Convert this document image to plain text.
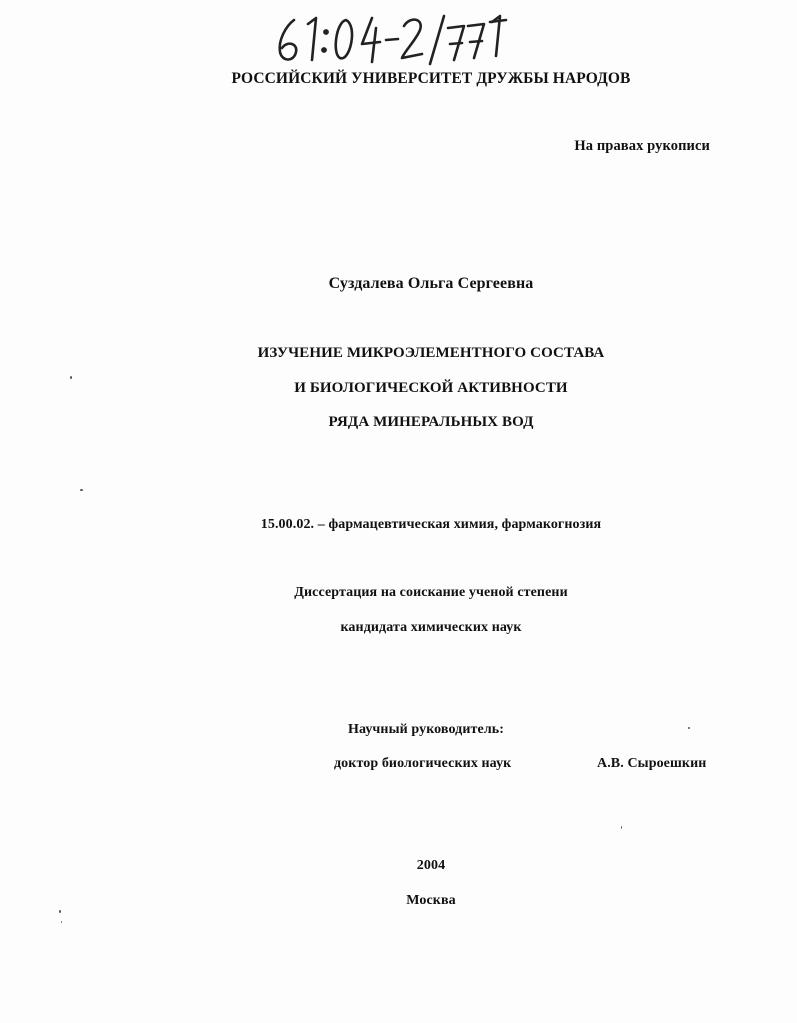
РОССИЙСКИЙ УНИВЕРСИТЕТ ДРУЖБЫ НАРОДОВ
На правах рукописи
Суздалева Ольга Сергеевна
ИЗУЧЕНИЕ МИКРОЭЛЕМЕНТНОГО СОСТАВА
И БИОЛОГИЧЕСКОЙ АКТИВНОСТИ
РЯДА МИНЕРАЛЬНЫХ ВОД
15.00.02. – фармацевтическая химия, фармакогнозия
Диссертация на соискание ученой степени
кандидата химических наук
Научный руководитель:
доктор биологических наук	А.В. Сыроешкин
2004
Москва
